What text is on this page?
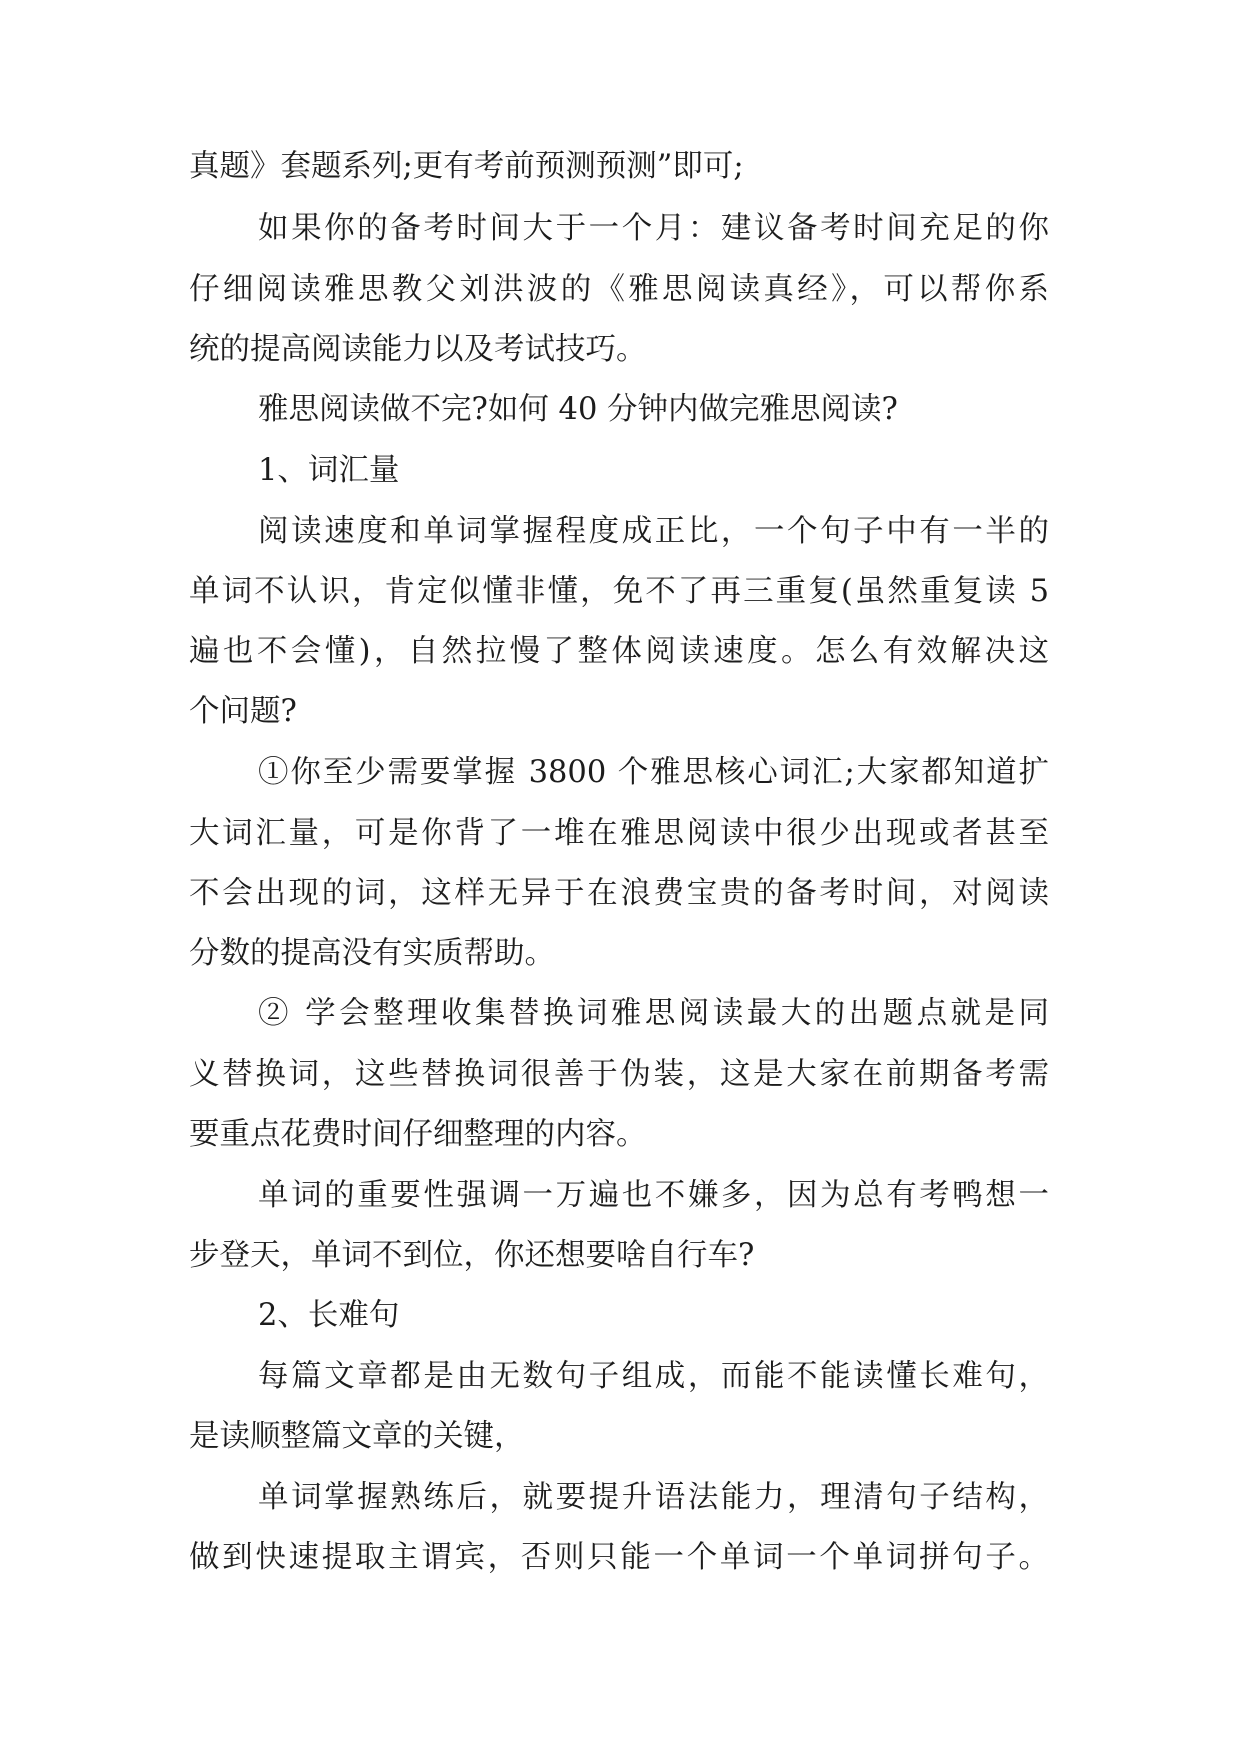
真题》套题系列;更有考前预测预测”即可;
如果你的备考时间大于一个月：建议备考时间充足的你
仔细阅读雅思教父刘洪波的《雅思阅读真经》，可以帮你系
统的提高阅读能力以及考试技巧。
雅思阅读做不完?如何 40 分钟内做完雅思阅读?
1、词汇量
阅读速度和单词掌握程度成正比，一个句子中有一半的
单词不认识，肯定似懂非懂，免不了再三重复(虽然重复读 5
遍也不会懂)，自然拉慢了整体阅读速度。怎么有效解决这
个问题?
①你至少需要掌握 3800 个雅思核心词汇;大家都知道扩
大词汇量，可是你背了一堆在雅思阅读中很少出现或者甚至
不会出现的词，这样无异于在浪费宝贵的备考时间，对阅读
分数的提高没有实质帮助。
② 学会整理收集替换词雅思阅读最大的出题点就是同
义替换词，这些替换词很善于伪装，这是大家在前期备考需
要重点花费时间仔细整理的内容。
单词的重要性强调一万遍也不嫌多，因为总有考鸭想一
步登天，单词不到位，你还想要啥自行车?
2、长难句
每篇文章都是由无数句子组成，而能不能读懂长难句，
是读顺整篇文章的关键，
单词掌握熟练后，就要提升语法能力，理清句子结构，
做到快速提取主谓宾，否则只能一个单词一个单词拼句子。
